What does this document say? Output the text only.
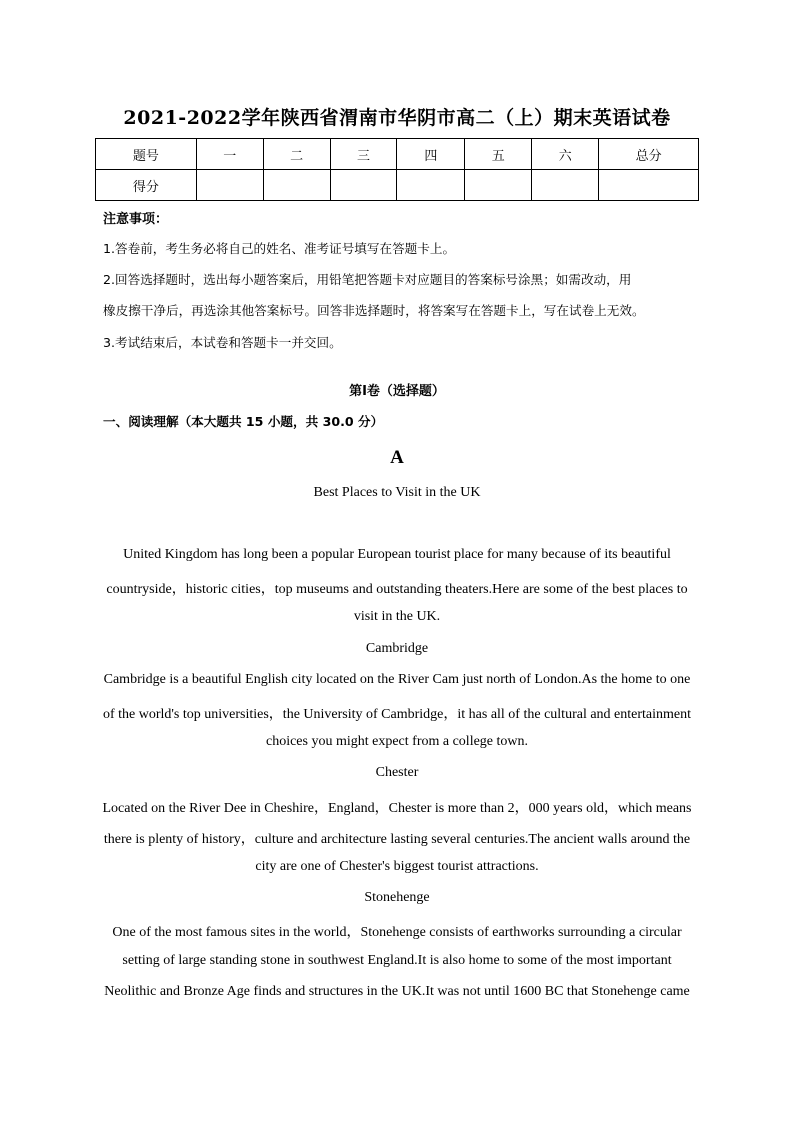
2021-2022学年陕西省渭南市华阴市高二（上）期末英语试卷
题号	一	二	三	四	五	六	总分
得分							
注意事项：
1.答卷前，考生务必将自己的姓名、准考证号填写在答题卡上。
2.回答选择题时，选出每小题答案后，用铅笔把答题卡对应题目的答案标号涂黑；如需改动，用
橡皮擦干净后，再选涂其他答案标号。回答非选择题时，将答案写在答题卡上，写在试卷上无效。
3.考试结束后，本试卷和答题卡一并交回。
第Ⅰ卷（选择题）
一、阅读理解（本大题共 15 小题，共 30.0 分）
A
Best Places to Visit in the UK
United Kingdom has long been a popular European tourist place for many because of its beautiful
countryside，historic cities，top museums and outstanding theaters.Here are some of the best places to
visit in the UK.
Cambridge
Cambridge is a beautiful English city located on the River Cam just north of London.As the home to one
of the world's top universities，the University of Cambridge，it has all of the cultural and entertainment
choices you might expect from a college town.
Chester
Located on the River Dee in Cheshire，England，Chester is more than 2，000 years old，which means
there is plenty of history，culture and architecture lasting several centuries.The ancient walls around the
city are one of Chester's biggest tourist attractions.
Stonehenge
One of the most famous sites in the world，Stonehenge consists of earthworks surrounding a circular
setting of large standing stone in southwest England.It is also home to some of the most important
Neolithic and Bronze Age finds and structures in the UK.It was not until 1600 BC that Stonehenge came
